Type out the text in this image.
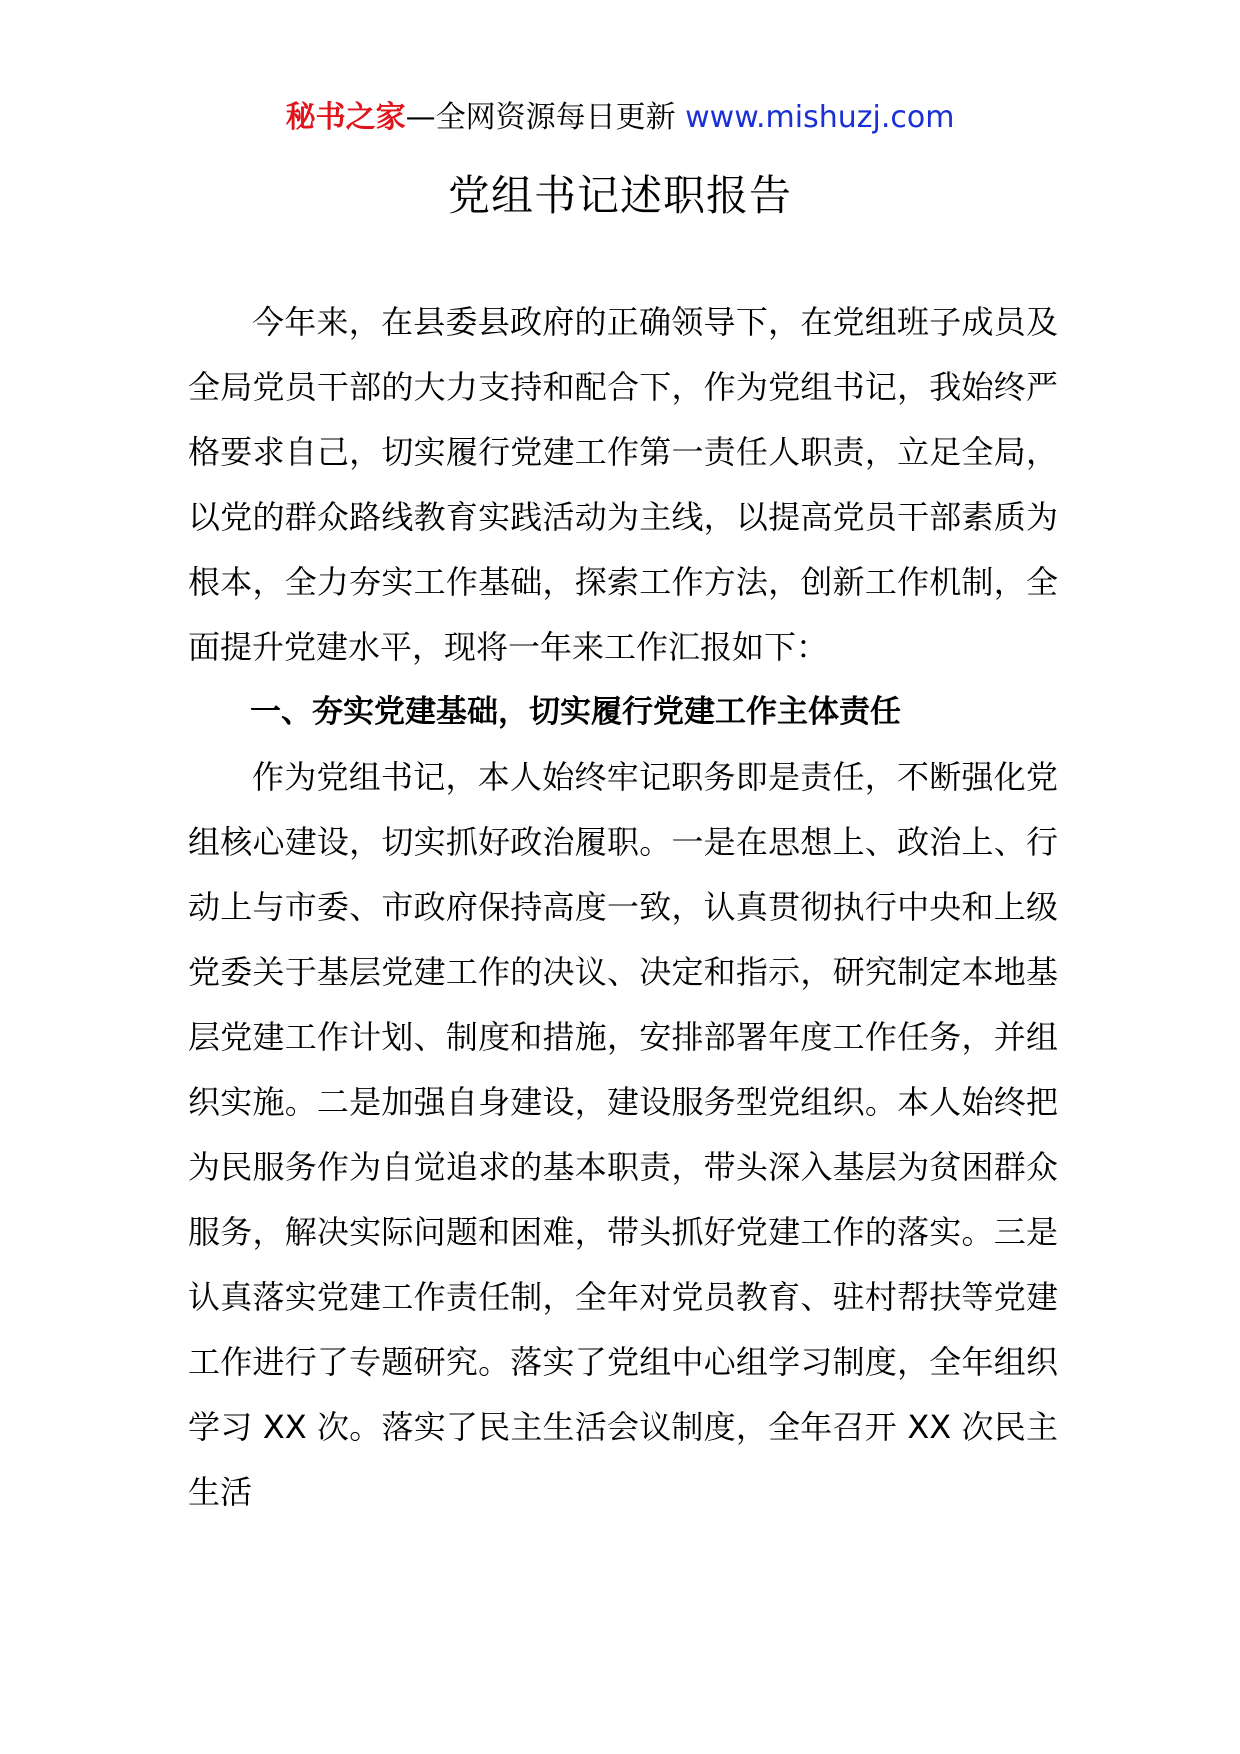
秘书之家—全网资源每日更新 www.mishuzj.com
党组书记述职报告

今年来，在县委县政府的正确领导下，在党组班子成员及全局党员干部的大力支持和配合下，作为党组书记，我始终严格要求自己，切实履行党建工作第一责任人职责，立足全局，以党的群众路线教育实践活动为主线，以提高党员干部素质为根本，全力夯实工作基础，探索工作方法，创新工作机制，全面提升党建水平，现将一年来工作汇报如下：

一、夯实党建基础，切实履行党建工作主体责任

作为党组书记，本人始终牢记职务即是责任，不断强化党组核心建设，切实抓好政治履职。一是在思想上、政治上、行动上与市委、市政府保持高度一致，认真贯彻执行中央和上级党委关于基层党建工作的决议、决定和指示，研究制定本地基层党建工作计划、制度和措施，安排部署年度工作任务，并组织实施。二是加强自身建设，建设服务型党组织。本人始终把为民服务作为自觉追求的基本职责，带头深入基层为贫困群众服务，解决实际问题和困难，带头抓好党建工作的落实。三是认真落实党建工作责任制，全年对党员教育、驻村帮扶等党建工作进行了专题研究。落实了党组中心组学习制度，全年组织学习 XX 次。落实了民主生活会议制度，全年召开 XX 次民主生活
